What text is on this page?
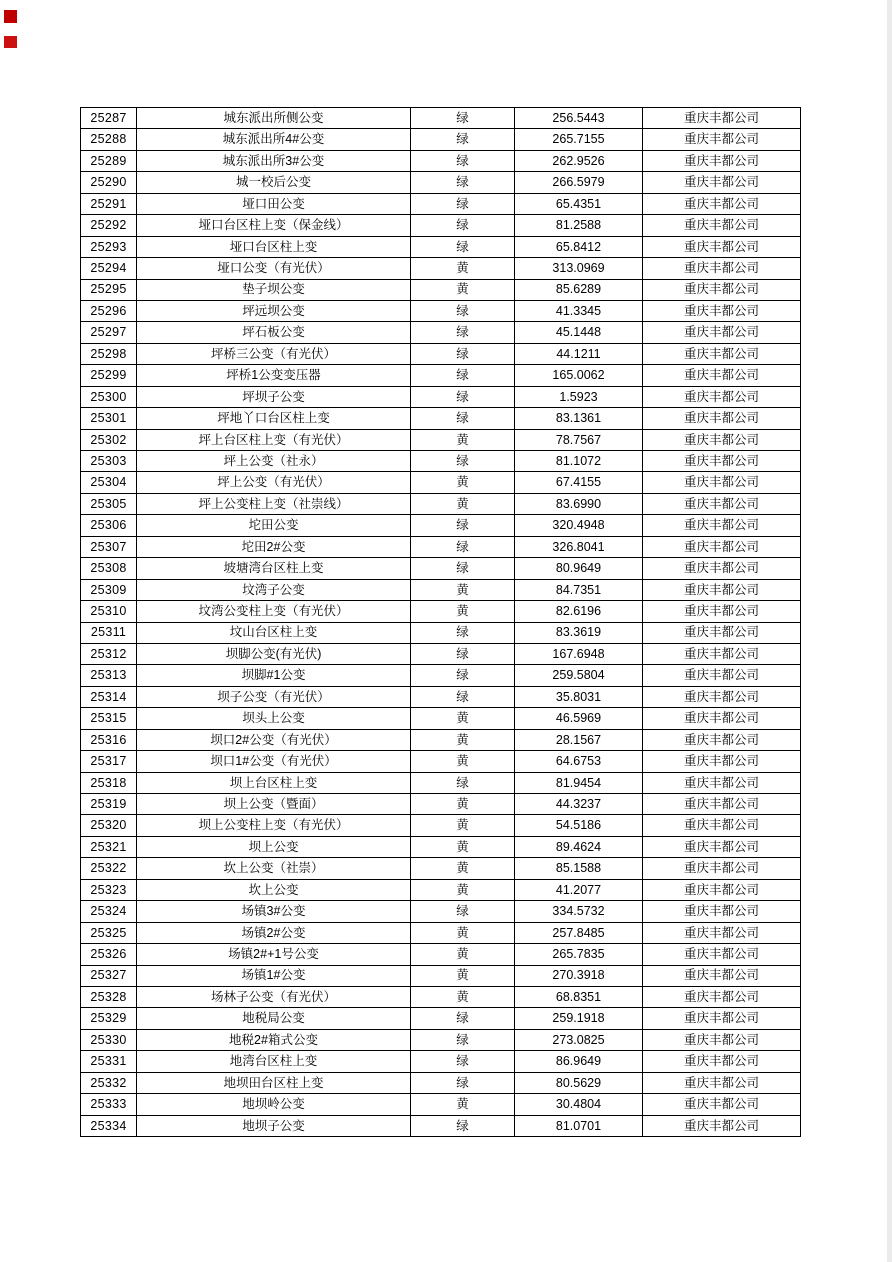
25287	城东派出所侧公变	绿	256.5443	重庆丰都公司
25288	城东派出所4#公变	绿	265.7155	重庆丰都公司
25289	城东派出所3#公变	绿	262.9526	重庆丰都公司
25290	城一校后公变	绿	266.5979	重庆丰都公司
25291	垭口田公变	绿	65.4351	重庆丰都公司
25292	垭口台区柱上变（保金线）	绿	81.2588	重庆丰都公司
25293	垭口台区柱上变	绿	65.8412	重庆丰都公司
25294	垭口公变（有光伏）	黄	313.0969	重庆丰都公司
25295	垫子坝公变	黄	85.6289	重庆丰都公司
25296	坪远坝公变	绿	41.3345	重庆丰都公司
25297	坪石板公变	绿	45.1448	重庆丰都公司
25298	坪桥三公变（有光伏）	绿	44.1211	重庆丰都公司
25299	坪桥1公变变压器	绿	165.0062	重庆丰都公司
25300	坪坝子公变	绿	1.5923	重庆丰都公司
25301	坪地丫口台区柱上变	绿	83.1361	重庆丰都公司
25302	坪上台区柱上变（有光伏）	黄	78.7567	重庆丰都公司
25303	坪上公变（社永）	绿	81.1072	重庆丰都公司
25304	坪上公变（有光伏）	黄	67.4155	重庆丰都公司
25305	坪上公变柱上变（社崇线）	黄	83.6990	重庆丰都公司
25306	坨田公变	绿	320.4948	重庆丰都公司
25307	坨田2#公变	绿	326.8041	重庆丰都公司
25308	坡塘湾台区柱上变	绿	80.9649	重庆丰都公司
25309	坟湾子公变	黄	84.7351	重庆丰都公司
25310	坟湾公变柱上变（有光伏）	黄	82.6196	重庆丰都公司
25311	坟山台区柱上变	绿	83.3619	重庆丰都公司
25312	坝脚公变(有光伏)	绿	167.6948	重庆丰都公司
25313	坝脚#1公变	绿	259.5804	重庆丰都公司
25314	坝子公变（有光伏）	绿	35.8031	重庆丰都公司
25315	坝头上公变	黄	46.5969	重庆丰都公司
25316	坝口2#公变（有光伏）	黄	28.1567	重庆丰都公司
25317	坝口1#公变（有光伏）	黄	64.6753	重庆丰都公司
25318	坝上台区柱上变	绿	81.9454	重庆丰都公司
25319	坝上公变（暨面）	黄	44.3237	重庆丰都公司
25320	坝上公变柱上变（有光伏）	黄	54.5186	重庆丰都公司
25321	坝上公变	黄	89.4624	重庆丰都公司
25322	坎上公变（社崇）	黄	85.1588	重庆丰都公司
25323	坎上公变	黄	41.2077	重庆丰都公司
25324	场镇3#公变	绿	334.5732	重庆丰都公司
25325	场镇2#公变	黄	257.8485	重庆丰都公司
25326	场镇2#+1号公变	黄	265.7835	重庆丰都公司
25327	场镇1#公变	黄	270.3918	重庆丰都公司
25328	场林子公变（有光伏）	黄	68.8351	重庆丰都公司
25329	地税局公变	绿	259.1918	重庆丰都公司
25330	地税2#箱式公变	绿	273.0825	重庆丰都公司
25331	地湾台区柱上变	绿	86.9649	重庆丰都公司
25332	地坝田台区柱上变	绿	80.5629	重庆丰都公司
25333	地坝岭公变	黄	30.4804	重庆丰都公司
25334	地坝子公变	绿	81.0701	重庆丰都公司
